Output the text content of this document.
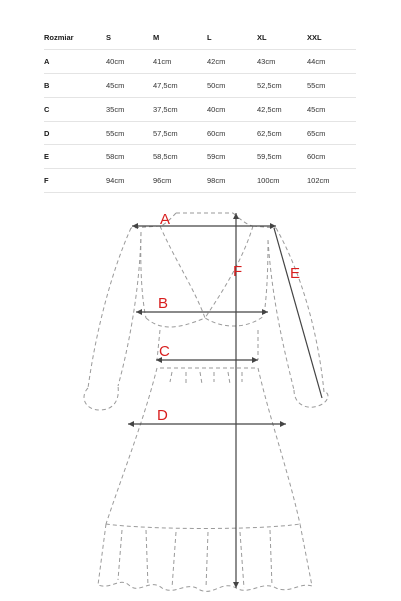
Rozmiar	S	M	L	XL	XXL
A	40cm	41cm	42cm	43cm	44cm
B	45cm	47,5cm	50cm	52,5cm	55cm
C	35cm	37,5cm	40cm	42,5cm	45cm
D	55cm	57,5cm	60cm	62,5cm	65cm
E	58cm	58,5cm	59cm	59,5cm	60cm
F	94cm	96cm	98cm	100cm	102cm
A
B
C
D
E
F
